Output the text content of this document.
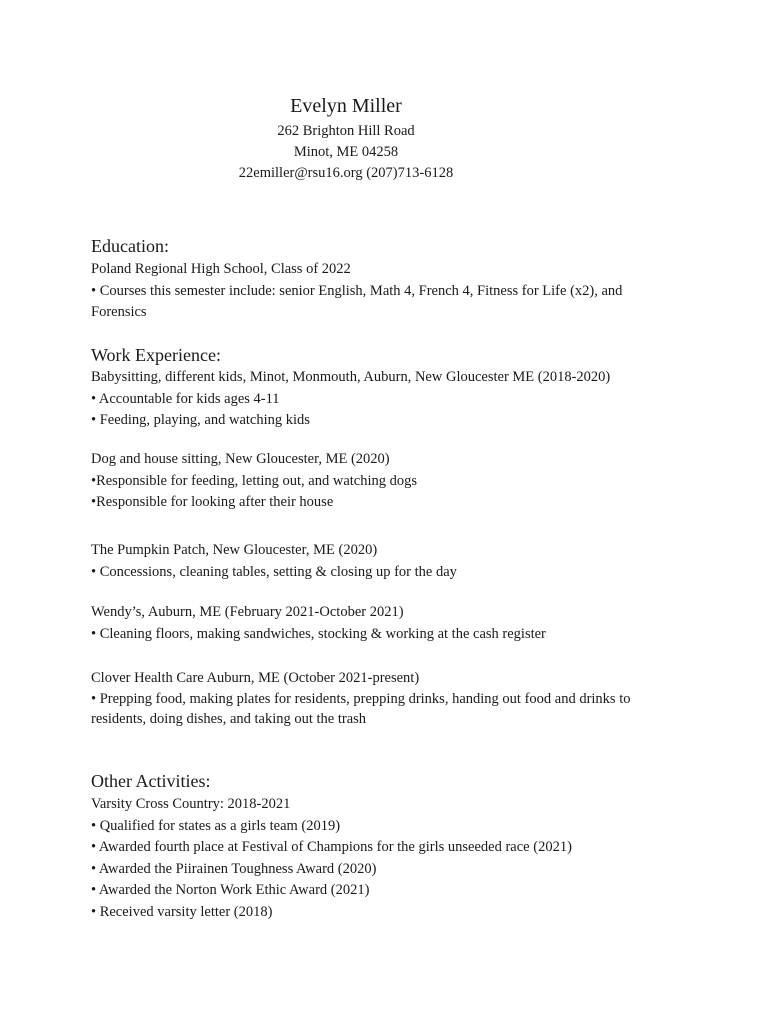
Evelyn Miller
262 Brighton Hill Road
Minot, ME 04258
22emiller@rsu16.org (207)713-6128
Education:
Poland Regional High School, Class of 2022
• Courses this semester include: senior English, Math 4, French 4, Fitness for Life (x2), and Forensics
Work Experience:
Babysitting, different kids, Minot, Monmouth, Auburn, New Gloucester ME (2018-2020)
• Accountable for kids ages 4-11
• Feeding, playing, and watching kids
Dog and house sitting, New Gloucester, ME (2020)
•Responsible for feeding, letting out, and watching dogs
•Responsible for looking after their house
The Pumpkin Patch, New Gloucester, ME (2020)
• Concessions, cleaning tables, setting & closing up for the day
Wendy’s, Auburn, ME (February 2021-October 2021)
• Cleaning floors, making sandwiches, stocking & working at the cash register
Clover Health Care Auburn, ME (October 2021-present)
• Prepping food, making plates for residents, prepping drinks, handing out food and drinks to residents, doing dishes, and taking out the trash
Other Activities:
Varsity Cross Country: 2018-2021
• Qualified for states as a girls team (2019)
• Awarded fourth place at Festival of Champions for the girls unseeded race (2021)
• Awarded the Piirainen Toughness Award (2020)
• Awarded the Norton Work Ethic Award (2021)
• Received varsity letter (2018)
